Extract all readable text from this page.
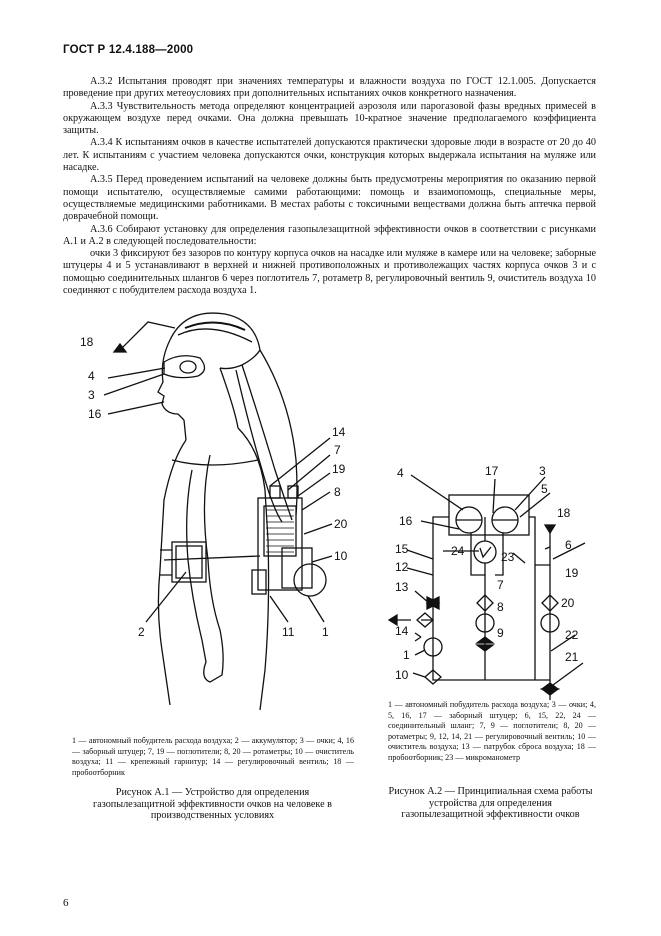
ГОСТ Р 12.4.188—2000

А.3.2 Испытания проводят при значениях температуры и влажности воздуха по ГОСТ 12.1.005. Допускается проведение при других метеоусловиях при дополнительных испытаниях очков конкретного назначения.

А.3.3 Чувствительность метода определяют концентрацией аэрозоля или парогазовой фазы вредных примесей в окружающем воздухе перед очками. Она должна превышать 10-кратное значение предполагаемого коэффициента защиты.

А.3.4 К испытаниям очков в качестве испытателей допускаются практически здоровые люди в возрасте от 20 до 40 лет. К испытаниям с участием человека допускаются очки, конструкция которых выдержала испытания на муляже или насадке.

А.3.5 Перед проведением испытаний на человеке должны быть предусмотрены мероприятия по оказанию первой помощи испытателю, осуществляемые самими работающими: помощь и взаимопомощь, специальные меры, осуществляемые медицинскими работниками. В местах работы с токсичными веществами должна быть аптечка первой доврачебной помощи.

А.3.6 Собирают установку для определения газопылезащитной эффективности очков в соответствии с рисунками А.1 и А.2 в следующей последовательности:

очки 3 фиксируют без зазоров по контуру корпуса очков на насадке или муляже в камере или на человеке; заборные штуцеры 4 и 5 устанавливают в верхней и нижней противоположных и противолежащих частях корпуса очков 3 и с помощью соединительных шлангов 6 через поглотитель 7, ротаметр 8, регулировочный вентиль 9, очиститель воздуха 10 соединяют с побудителем расхода воздуха 1.

18
4
3
16
14
7
19
8
20
10
2	11 1
1 — автономный побудитель расхода воздуха; 2 — аккумулятор; 3 — очки; 4, 16 — заборный штуцер; 7, 19 — поглотители; 8, 20 — ротаметры; 10 — очиститель воздуха; 11 — крепежный гарнитур; 14 — регулировочный вентиль; 18 — пробоотборник
Рисунок А.1 — Устройство для определения газопылезащитной эффективности очков на человеке в производственных условиях
4	17	3
5
16
18
15	24	23
6
12
7
19
13
8	20
14	9	22
1	21
10
1 — автономный побудитель расхода воздуха; 3 — очки; 4, 5, 16, 17 — заборный штуцер; 6, 15, 22, 24 — соединительный шланг; 7, 9 — поглотители; 8, 20 — ротаметры; 9, 12, 14, 21 — регулировочный вентиль; 10 — очиститель воздуха; 13 — патрубок сброса воздуха; 18 — пробоотборник; 23 — микроманометр
Рисунок А.2 — Принципиальная схема работы устройства для определения газопылезащитной эффективности очков
6
